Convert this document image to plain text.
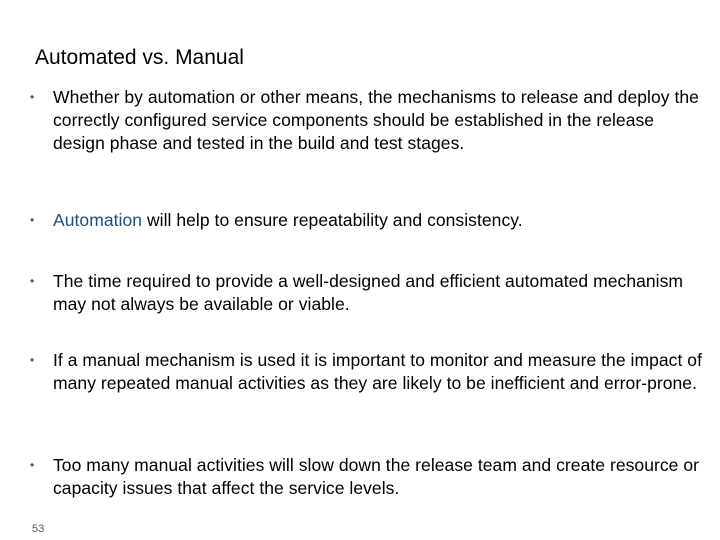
Automated vs. Manual
•	Whether by automation or other means, the mechanisms to release and deploy the correctly configured service components should be established in the release design phase and tested in the build and test stages.
•	Automation will help to ensure repeatability and consistency.
•	The time required to provide a well-designed and efficient automated mechanism may not always be available or viable.
•	If a manual mechanism is used it is important to monitor and measure the impact of many repeated manual activities as they are likely to be inefficient and error-prone.
•	Too many manual activities will slow down the release team and create resource or capacity issues that affect the service levels.
53
